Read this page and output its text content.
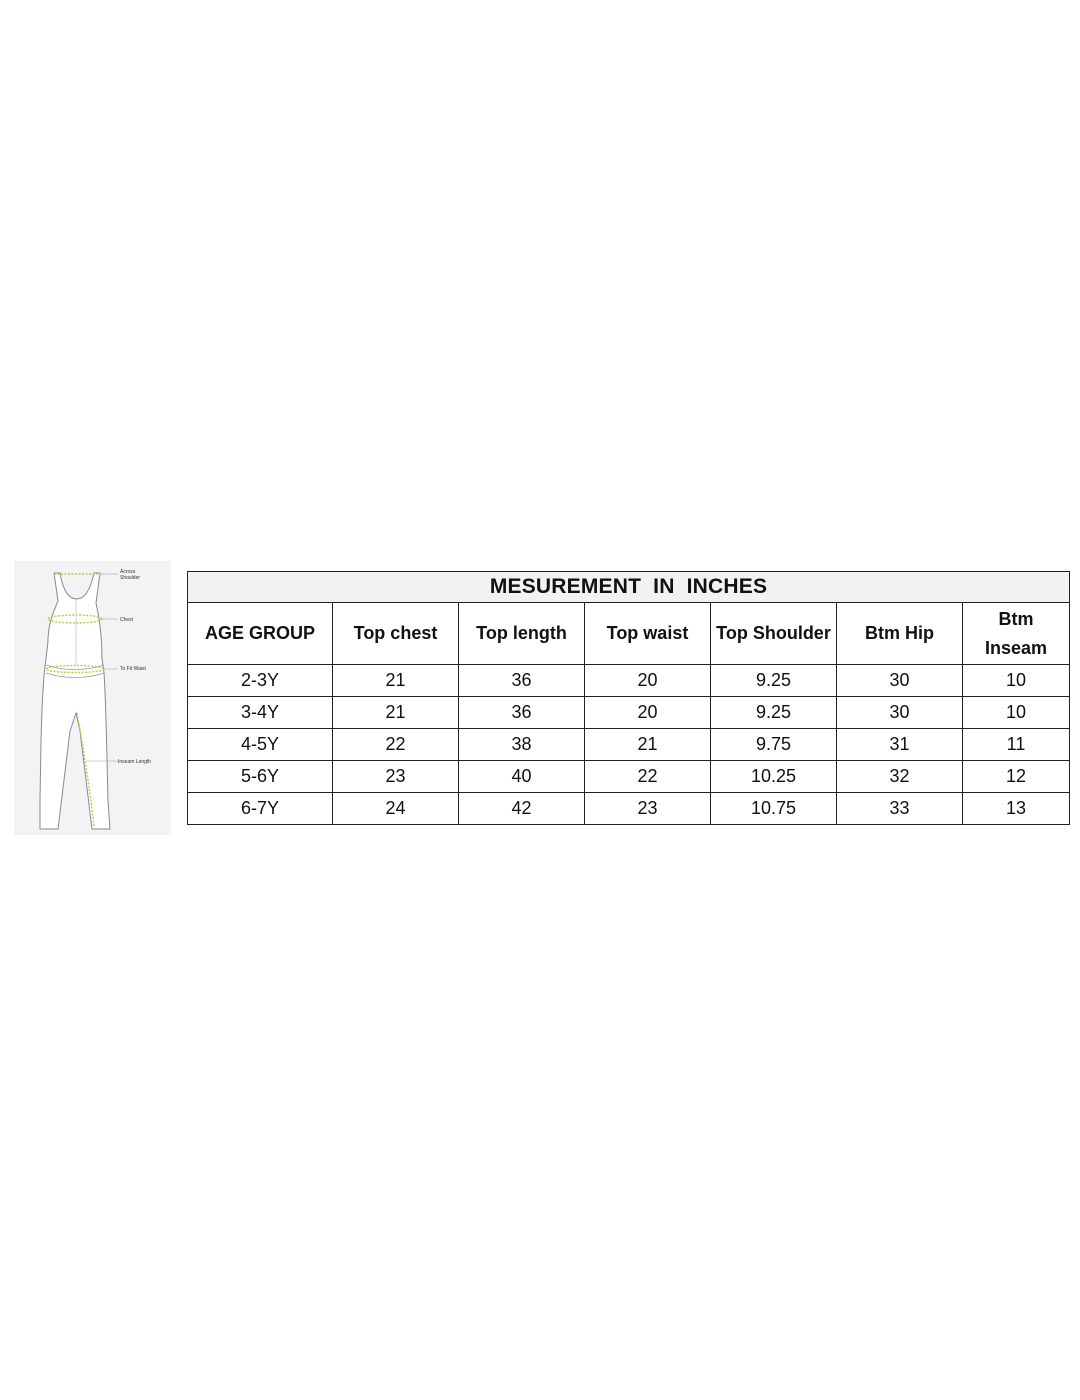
Across Shoulder
Chest
To Fit Waist
Inseam Length
MESUREMENT IN INCHES						
AGE GROUP	Top chest	Top length	Top waist	Top Shoulder	Btm Hip	Btm Inseam
2-3Y	21	36	20	9.25	30	10
3-4Y	21	36	20	9.25	30	10
4-5Y	22	38	21	9.75	31	11
5-6Y	23	40	22	10.25	32	12
6-7Y	24	42	23	10.75	33	13
